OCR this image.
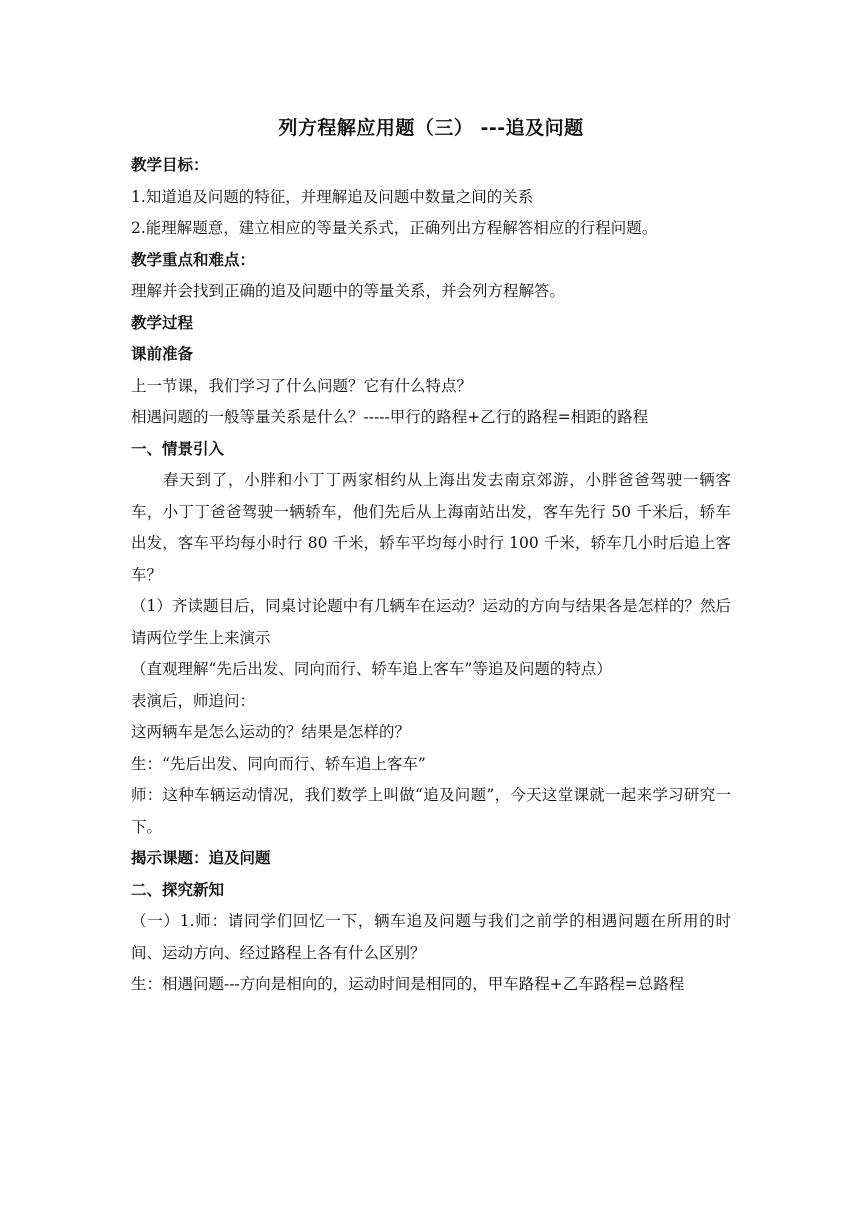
列方程解应用题（三） ---追及问题
教学目标：
1.知道追及问题的特征，并理解追及问题中数量之间的关系
2.能理解题意，建立相应的等量关系式，正确列出方程解答相应的行程问题。
教学重点和难点：
理解并会找到正确的追及问题中的等量关系，并会列方程解答。
教学过程
课前准备
上一节课，我们学习了什么问题？它有什么特点？
相遇问题的一般等量关系是什么？-----甲行的路程+乙行的路程=相距的路程
一、情景引入
春天到了，小胖和小丁丁两家相约从上海出发去南京郊游，小胖爸爸驾驶一辆客车，小丁丁爸爸驾驶一辆轿车，他们先后从上海南站出发，客车先行 50 千米后，轿车出发，客车平均每小时行 80 千米，轿车平均每小时行 100 千米，轿车几小时后追上客车？
（1）齐读题目后，同桌讨论题中有几辆车在运动？运动的方向与结果各是怎样的？然后请两位学生上来演示
（直观理解“先后出发、同向而行、轿车追上客车”等追及问题的特点）
表演后，师追问：
这两辆车是怎么运动的？结果是怎样的？
生：“先后出发、同向而行、轿车追上客车”
师：这种车辆运动情况，我们数学上叫做“追及问题”，今天这堂课就一起来学习研究一下。
揭示课题：追及问题
二、探究新知
（一）1.师：请同学们回忆一下，辆车追及问题与我们之前学的相遇问题在所用的时间、运动方向、经过路程上各有什么区别？
生：相遇问题---方向是相向的，运动时间是相同的，甲车路程+乙车路程=总路程
